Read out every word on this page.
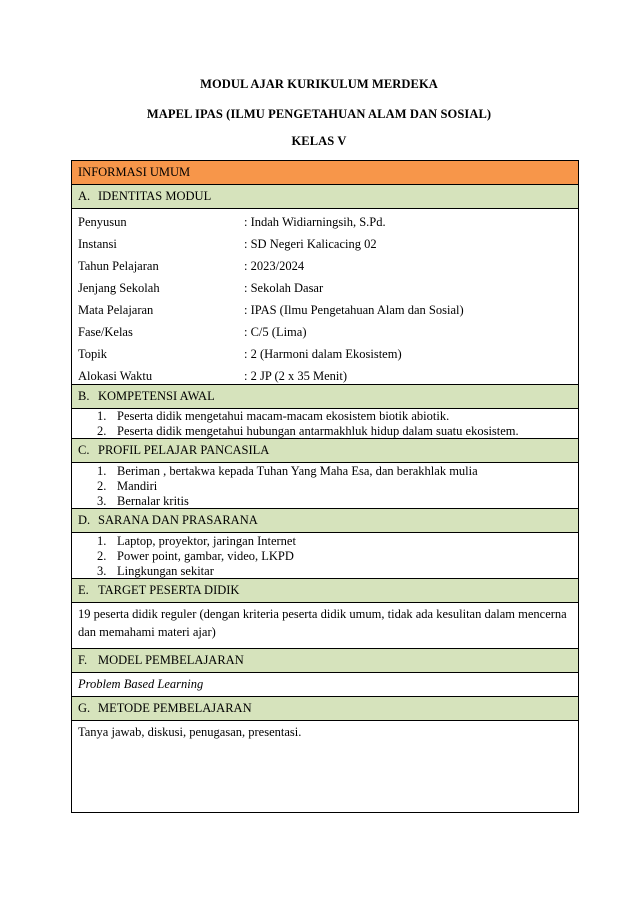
MODUL AJAR KURIKULUM MERDEKA
MAPEL IPAS (ILMU PENGETAHUAN ALAM DAN SOSIAL)
KELAS V
INFORMASI UMUM
A. IDENTITAS MODUL
Penyusun	: Indah Widiarningsih, S.Pd.
Instansi	: SD Negeri Kalicacing 02
Tahun Pelajaran	: 2023/2024
Jenjang Sekolah	: Sekolah Dasar
Mata Pelajaran	: IPAS (Ilmu Pengetahuan Alam dan Sosial)
Fase/Kelas	: C/5 (Lima)
Topik	: 2 (Harmoni dalam Ekosistem)
Alokasi Waktu	: 2 JP (2 x 35 Menit)
B. KOMPETENSI AWAL
1. Peserta didik mengetahui macam-macam ekosistem biotik abiotik.
2. Peserta didik mengetahui hubungan antarmakhluk hidup dalam suatu ekosistem.
C. PROFIL PELAJAR PANCASILA
1. Beriman , bertakwa kepada Tuhan Yang Maha Esa, dan berakhlak mulia
2. Mandiri
3. Bernalar kritis
D. SARANA DAN PRASARANA
1. Laptop, proyektor, jaringan Internet
2. Power point, gambar, video, LKPD
3. Lingkungan sekitar
E. TARGET PESERTA DIDIK
19 peserta didik reguler (dengan kriteria peserta didik umum, tidak ada kesulitan dalam mencerna dan memahami materi ajar)
F. MODEL PEMBELAJARAN
Problem Based Learning
G. METODE PEMBELAJARAN
Tanya jawab, diskusi, penugasan, presentasi.
